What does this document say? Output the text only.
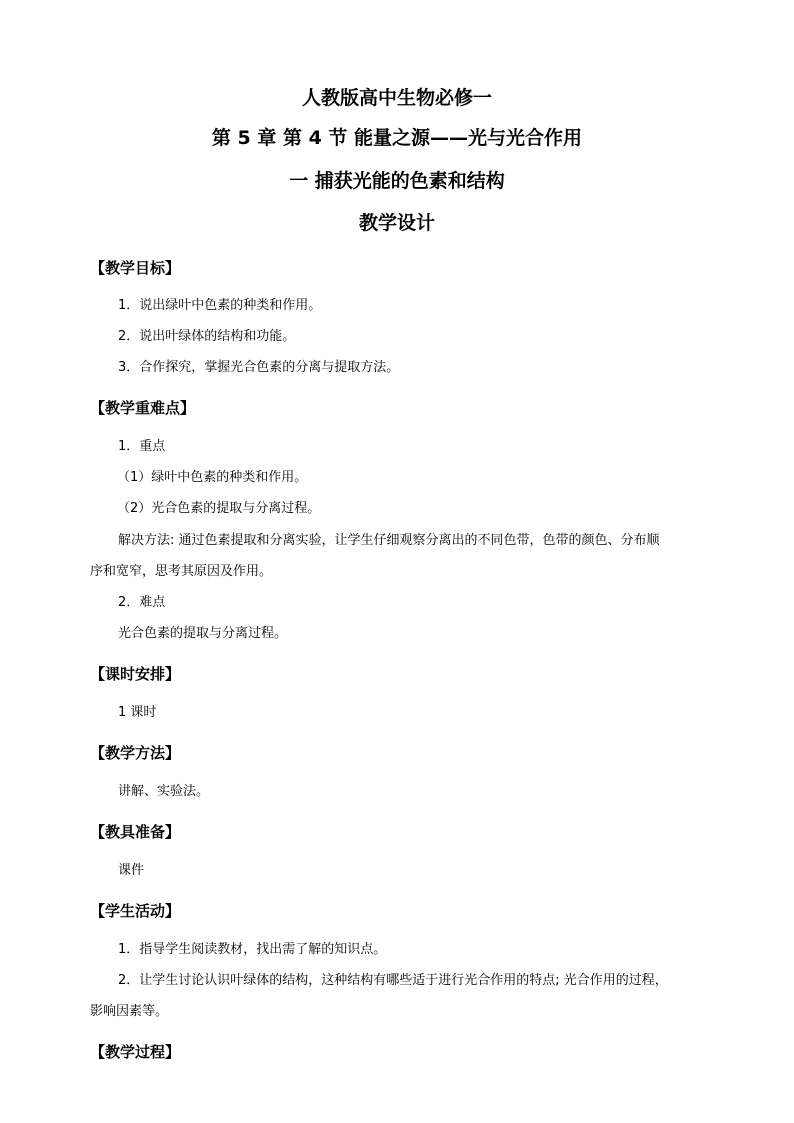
人教版高中生物必修一
第 5 章 第 4 节 能量之源——光与光合作用
一 捕获光能的色素和结构
教学设计
【教学目标】
1．说出绿叶中色素的种类和作用。
2．说出叶绿体的结构和功能。
3．合作探究，掌握光合色素的分离与提取方法。
【教学重难点】
1．重点
（1）绿叶中色素的种类和作用。
（2）光合色素的提取与分离过程。
解决方法: 通过色素提取和分离实验，让学生仔细观察分离出的不同色带，色带的颜色、分布顺
序和宽窄，思考其原因及作用。
2．难点
光合色素的提取与分离过程。
【课时安排】
1 课时
【教学方法】
讲解、实验法。
【教具准备】
课件
【学生活动】
1．指导学生阅读教材，找出需了解的知识点。
2．让学生讨论认识叶绿体的结构，这种结构有哪些适于进行光合作用的特点; 光合作用的过程，
影响因素等。
【教学过程】
